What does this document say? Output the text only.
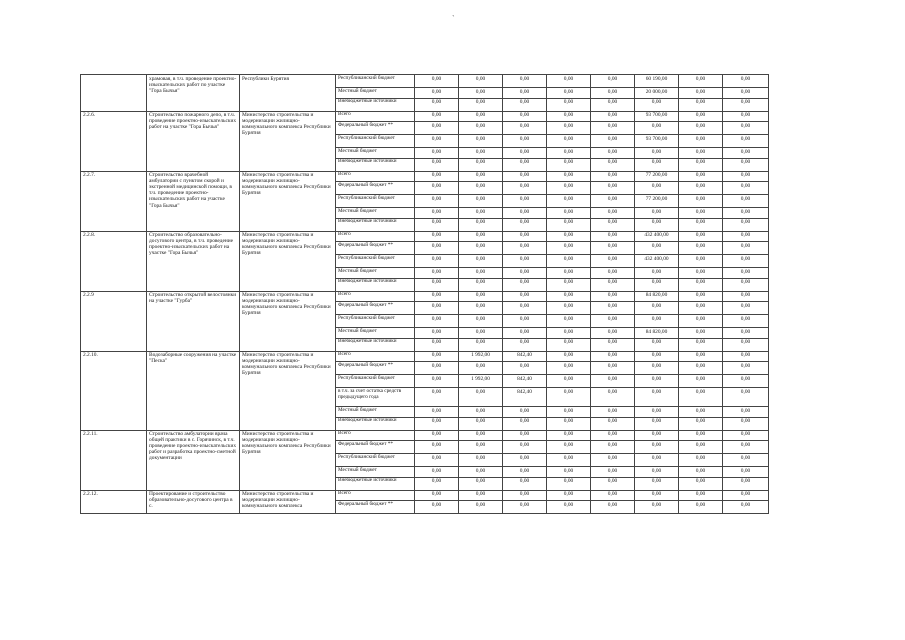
`
	храмовая, в т.ч. проведение проектно-изыскательских работ по участке "Гора Бычья"	Республики Бурятия	Республиканский бюджет	0,00	0,00	0,00	0,00	0,00	60 190,00	0,00	0,00
			Местный бюджет	0,00	0,00	0,00	0,00	0,00	20 000,00	0,00	0,00
			Внебюджетные источники	0,00	0,00	0,00	0,00	0,00	0,00	0,00	0,00
2.2.6.	Строительство пожарного депо, в т.ч. проведение проектно-изыскательских работ на участке "Гора Бычья"	Министерство строительства и модернизации жилищно-коммунального комплекса Республики Бурятия	Всего	0,00	0,00	0,00	0,00	0,00	93 700,00	0,00	0,00
			Федеральный бюджет **	0,00	0,00	0,00	0,00	0,00	0,00	0,00	0,00
			Республиканский бюджет	0,00	0,00	0,00	0,00	0,00	93 700,00	0,00	0,00
			Местный бюджет	0,00	0,00	0,00	0,00	0,00	0,00	0,00	0,00
			Внебюджетные источники	0,00	0,00	0,00	0,00	0,00	0,00	0,00	0,00
2.2.7.	Строительство врачебной амбулатории с пунктом скорой и экстренной медицинской помощи, в т.ч. проведение проектно-изыскательских работ на участке "Гора Бычья"	Министерство строительства и модернизации жилищно-коммунального комплекса Республики Бурятия	Всего	0,00	0,00	0,00	0,00	0,00	77 200,00	0,00	0,00
			Федеральный бюджет **	0,00	0,00	0,00	0,00	0,00	0,00	0,00	0,00
			Республиканский бюджет	0,00	0,00	0,00	0,00	0,00	77 200,00	0,00	0,00
			Местный бюджет	0,00	0,00	0,00	0,00	0,00	0,00	0,00	0,00
			Внебюджетные источники	0,00	0,00	0,00	0,00	0,00	0,00	0,00	0,00
2.2.8.	Строительство образовательно-досугового центра, в т.ч. проведение проектно-изыскательских работ на участке "Гора Бычья"	Министерство строительства и модернизации жилищно-коммунального комплекса Республики Бурятия	Всего	0,00	0,00	0,00	0,00	0,00	432 400,00	0,00	0,00
			Федеральный бюджет **	0,00	0,00	0,00	0,00	0,00	0,00	0,00	0,00
			Республиканский бюджет	0,00	0,00	0,00	0,00	0,00	432 400,00	0,00	0,00
			Местный бюджет	0,00	0,00	0,00	0,00	0,00	0,00	0,00	0,00
			Внебюджетные источники	0,00	0,00	0,00	0,00	0,00	0,00	0,00	0,00
2.2.9	Строительство открытой велостоянки на участке "Гурба"	Министерство строительства и модернизации жилищно-коммунального комплекса Республики Бурятия	Всего	0,00	0,00	0,00	0,00	0,00	84 820,00	0,00	0,00
			Федеральный бюджет **	0,00	0,00	0,00	0,00	0,00	0,00	0,00	0,00
			Республиканский бюджет	0,00	0,00	0,00	0,00	0,00	0,00	0,00	0,00
			Местный бюджет	0,00	0,00	0,00	0,00	0,00	84 820,00	0,00	0,00
			Внебюджетные источники	0,00	0,00	0,00	0,00	0,00	0,00	0,00	0,00
2.2.10.	Водозаборные сооружения на участке "Песка"	Министерство строительства и модернизации жилищно-коммунального комплекса Республики Бурятия	Всего	0,00	1 992,00	842,40	0,00	0,00	0,00	0,00	0,00
			Федеральный бюджет **	0,00	0,00	0,00	0,00	0,00	0,00	0,00	0,00
			Республиканский бюджет	0,00	1 992,00	842,40	0,00	0,00	0,00	0,00	0,00
			в т.ч. за счет остатка средств предыдущего года	0,00	0,00	842,40	0,00	0,00	0,00	0,00	0,00
			Местный бюджет	0,00	0,00	0,00	0,00	0,00	0,00	0,00	0,00
			Внебюджетные источники	0,00	0,00	0,00	0,00	0,00	0,00	0,00	0,00
2.2.11.	Строительство амбулатории врача общей практики в с. Горячинск, в т.ч. проведение проектно-изыскательских работ и разработка проектно-сметной документации	Министерство строительства и модернизации жилищно-коммунального комплекса Республики Бурятия	Всего	0,00	0,00	0,00	0,00	0,00	0,00	0,00	0,00
			Федеральный бюджет **	0,00	0,00	0,00	0,00	0,00	0,00	0,00	0,00
			Республиканский бюджет	0,00	0,00	0,00	0,00	0,00	0,00	0,00	0,00
			Местный бюджет	0,00	0,00	0,00	0,00	0,00	0,00	0,00	0,00
			Внебюджетные источники	0,00	0,00	0,00	0,00	0,00	0,00	0,00	0,00
2.2.12.	Проектирование и строительство образовательно-досугового центра в с.	Министерство строительства и модернизации жилищно-коммунального комплекса	Всего	0,00	0,00	0,00	0,00	0,00	0,00	0,00	0,00
			Федеральный бюджет **	0,00	0,00	0,00	0,00	0,00	0,00	0,00	0,00
